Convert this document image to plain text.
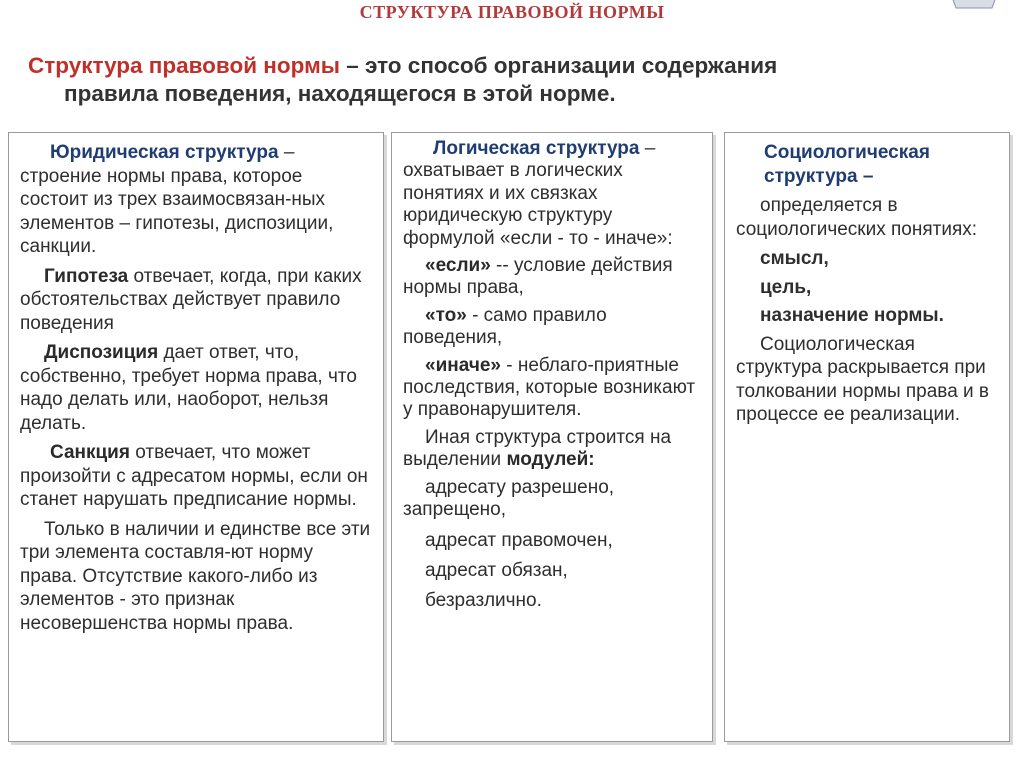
СТРУКТУРА ПРАВОВОЙ НОРМЫ
Структура правовой нормы – это способ организации содержания
правила поведения, находящегося в этой норме.

Юридическая структура – строение нормы права, которое состоит из трех взаимосвязан-ных элементов – гипотезы, диспозиции, санкции.

Гипотеза отвечает, когда, при каких обстоятельствах действует правило поведения

Диспозиция дает ответ, что, собственно, требует норма права, что надо делать или, наоборот, нельзя делать.

Санкция отвечает, что может произойти с адресатом нормы, если он станет нарушать предписание нормы.

Только в наличии и единстве все эти три элемента составля-ют норму права. Отсутствие какого-либо из элементов - это признак несовершенства нормы права.

Логическая структура – охватывает в логических понятиях и их связках юридическую структуру формулой «если - то - иначе»:

«если» -- условие действия нормы права,

«то» - само правило поведения,

«иначе» - неблаго-приятные последствия, которые возникают у правонарушителя.

Иная структура строится на выделении модулей:

адресату разрешено, запрещено,

адресат правомочен,

адресат обязан,

безразлично.

Социологическая структура –

определяется в социологических понятиях:

смысл,
цель,
назначение нормы.

Социологическая структура раскрывается при толковании нормы права и в процессе ее реализации.
